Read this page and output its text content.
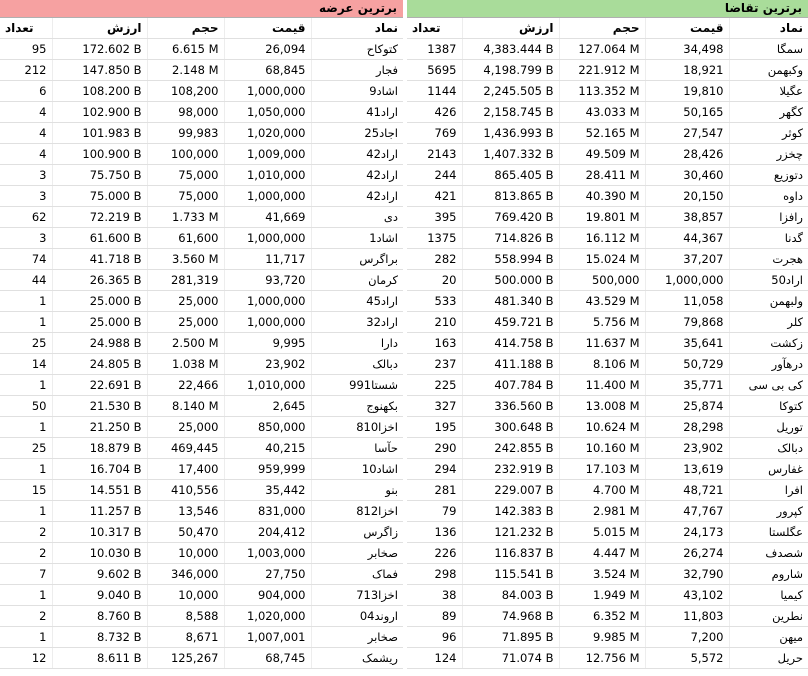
برترین عرضه
تعداد	ارزش	حجم	قیمت	نماد
95	172.602 B	6.615 M	26,094	کتوکاح
212	147.850 B	2.148 M	68,845	فجار
6	108.200 B	108,200	1,000,000	اشاد9
4	102.900 B	98,000	1,050,000	اراد41
4	101.983 B	99,983	1,020,000	اجاد25
4	100.900 B	100,000	1,009,000	اراد42
3	75.750 B	75,000	1,010,000	اراد42
3	75.000 B	75,000	1,000,000	اراد42
62	72.219 B	1.733 M	41,669	دی
3	61.600 B	61,600	1,000,000	اشاد1
74	41.718 B	3.560 M	11,717	براگرس
44	26.365 B	281,319	93,720	کرمان
1	25.000 B	25,000	1,000,000	اراد45
1	25.000 B	25,000	1,000,000	اراد32
25	24.988 B	2.500 M	9,995	دارا
14	24.805 B	1.038 M	23,902	دبالک
1	22.691 B	22,466	1,010,000	شستا991
50	21.530 B	8.140 M	2,645	بکهنوج
1	21.250 B	25,000	850,000	اخزا810
25	18.879 B	469,445	40,215	حآسا
1	16.704 B	17,400	959,999	اشاد10
15	14.551 B	410,556	35,442	بنو
1	11.257 B	13,546	831,000	اخزا812
2	10.317 B	50,470	204,412	زاگرس
2	10.030 B	10,000	1,003,000	صخابر
7	9.602 B	346,000	27,750	فماک
1	9.040 B	10,000	904,000	اخزا713
2	8.760 B	8,588	1,020,000	اروند04
1	8.732 B	8,671	1,007,001	صخابر
12	8.611 B	125,267	68,745	ریشمک
برترین تقاضا
تعداد	ارزش	حجم	قیمت	نماد
1387	4,383.444 B	127.064 M	34,498	سمگا
5695	4,198.799 B	221.912 M	18,921	وکبهمن
1144	2,245.505 B	113.352 M	19,810	عگیلا
426	2,158.745 B	43.033 M	50,165	کگهر
769	1,436.993 B	52.165 M	27,547	کوثر
2143	1,407.332 B	49.509 M	28,426	چخزر
244	865.405 B	28.411 M	30,460	دتوزیع
421	813.865 B	40.390 M	20,150	داوه
395	769.420 B	19.801 M	38,857	رافزا
1375	714.826 B	16.112 M	44,367	گدنا
282	558.994 B	15.024 M	37,207	هجرت
20	500.000 B	500,000	1,000,000	اراد50
533	481.340 B	43.529 M	11,058	ولبهمن
210	459.721 B	5.756 M	79,868	کلر
163	414.758 B	11.637 M	35,641	زکشت
237	411.188 B	8.106 M	50,729	درهآور
225	407.784 B	11.400 M	35,771	کی بی سی
327	336.560 B	13.008 M	25,874	کتوکا
195	300.648 B	10.624 M	28,298	توریل
290	242.855 B	10.160 M	23,902	دبالک
294	232.919 B	17.103 M	13,619	غفارس
281	229.007 B	4.700 M	48,721	افرا
79	142.383 B	2.981 M	47,767	کپرور
136	121.232 B	5.015 M	24,173	عگلستا
226	116.837 B	4.447 M	26,274	شصدف
298	115.541 B	3.524 M	32,790	شاروم
38	84.003 B	1.949 M	43,102	کیمیا
89	74.968 B	6.352 M	11,803	نطرین
96	71.895 B	9.985 M	7,200	میهن
124	71.074 B	12.756 M	5,572	حریل
